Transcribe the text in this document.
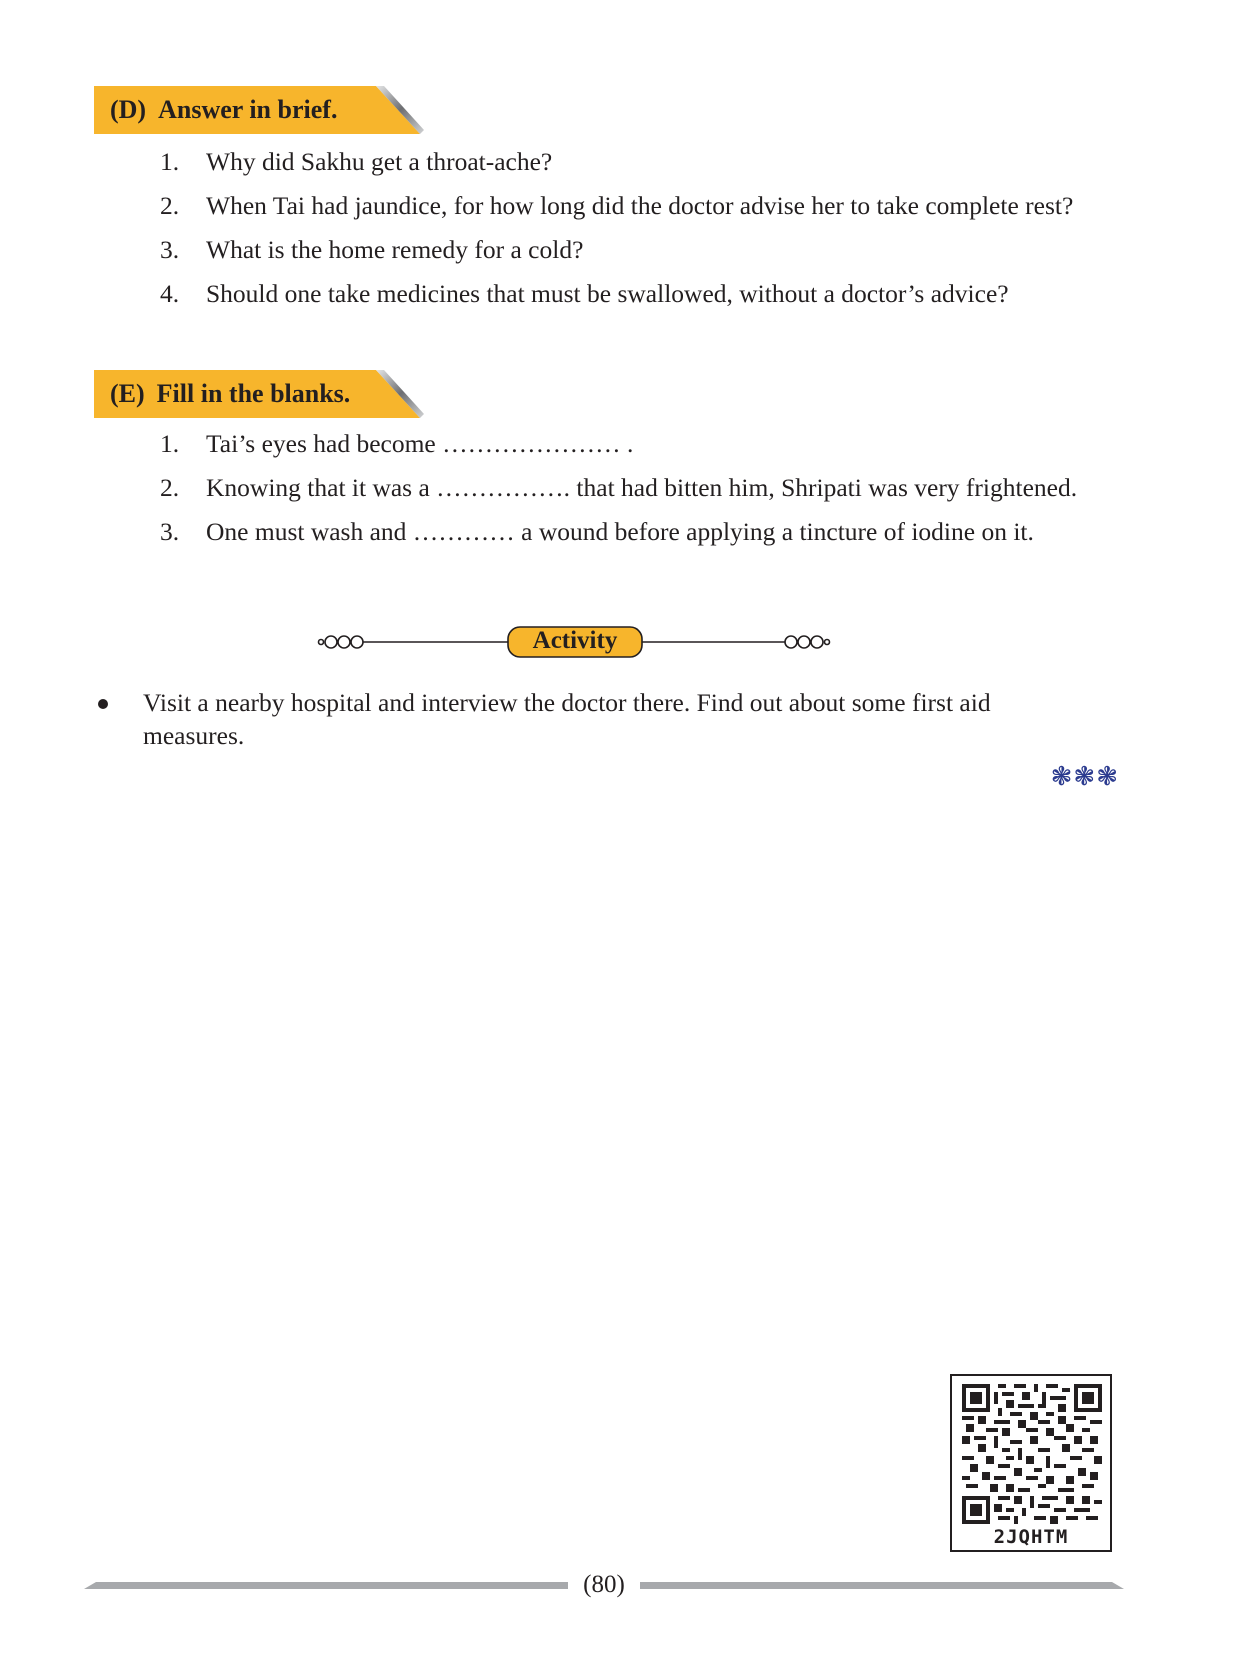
(D) Answer in brief.
1. Why did Sakhu get a throat-ache?
2. When Tai had jaundice, for how long did the doctor advise her to take complete rest?
3. What is the home remedy for a cold?
4. Should one take medicines that must be swallowed, without a doctor’s advice?
(E) Fill in the blanks.
1. Tai’s eyes had become ………………… .
2. Knowing that it was a ……………. that had bitten him, Shripati was very frightened.
3. One must wash and ………… a wound before applying a tincture of iodine on it.
Activity
Visit a nearby hospital and interview the doctor there. Find out about some first aid measures.
❃❃❃
2JQHTM
(80)
